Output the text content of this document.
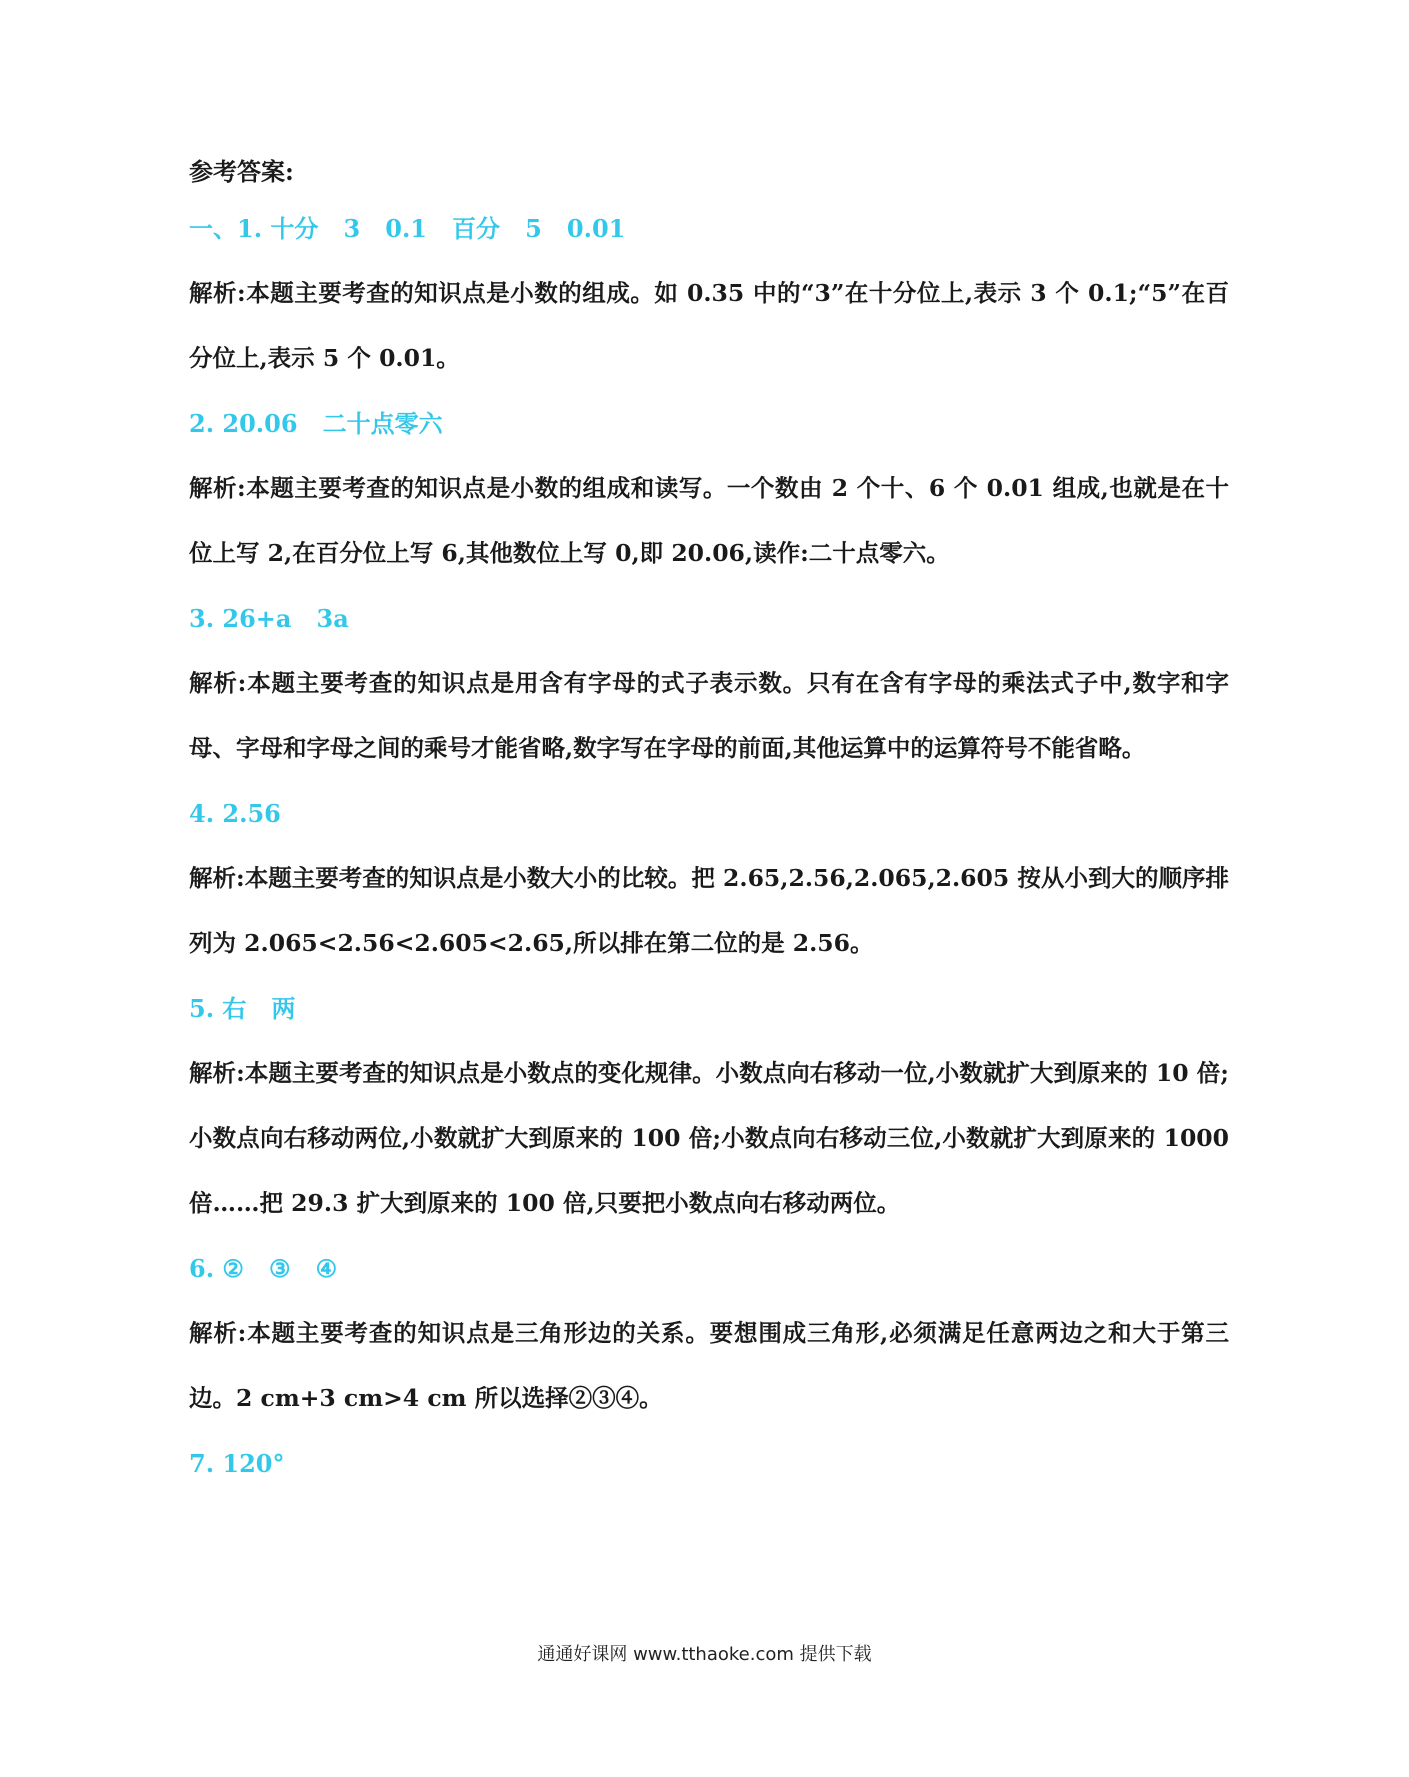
参考答案:
一、1. 十分   3   0.1   百分   5   0.01
解析:本题主要考查的知识点是小数的组成。如 0.35 中的“3”在十分位上,表示 3 个 0.1;“5”在百分位上,表示 5 个 0.01。
2. 20.06   二十点零六
解析:本题主要考查的知识点是小数的组成和读写。一个数由 2 个十、6 个 0.01 组成,也就是在十位上写 2,在百分位上写 6,其他数位上写 0,即 20.06,读作:二十点零六。
3. 26+a   3a
解析:本题主要考查的知识点是用含有字母的式子表示数。只有在含有字母的乘法式子中,数字和字母、字母和字母之间的乘号才能省略,数字写在字母的前面,其他运算中的运算符号不能省略。
4. 2.56
解析:本题主要考查的知识点是小数大小的比较。把 2.65,2.56,2.065,2.605 按从小到大的顺序排列为 2.065<2.56<2.605<2.65,所以排在第二位的是 2.56。
5. 右   两
解析:本题主要考查的知识点是小数点的变化规律。小数点向右移动一位,小数就扩大到原来的 10 倍;小数点向右移动两位,小数就扩大到原来的 100 倍;小数点向右移动三位,小数就扩大到原来的 1000 倍……把 29.3 扩大到原来的 100 倍,只要把小数点向右移动两位。
6. ②   ③   ④
解析:本题主要考查的知识点是三角形边的关系。要想围成三角形,必须满足任意两边之和大于第三边。2 cm+3 cm>4 cm 所以选择②③④。
7. 120°
通通好课网 www.tthaoke.com 提供下载
